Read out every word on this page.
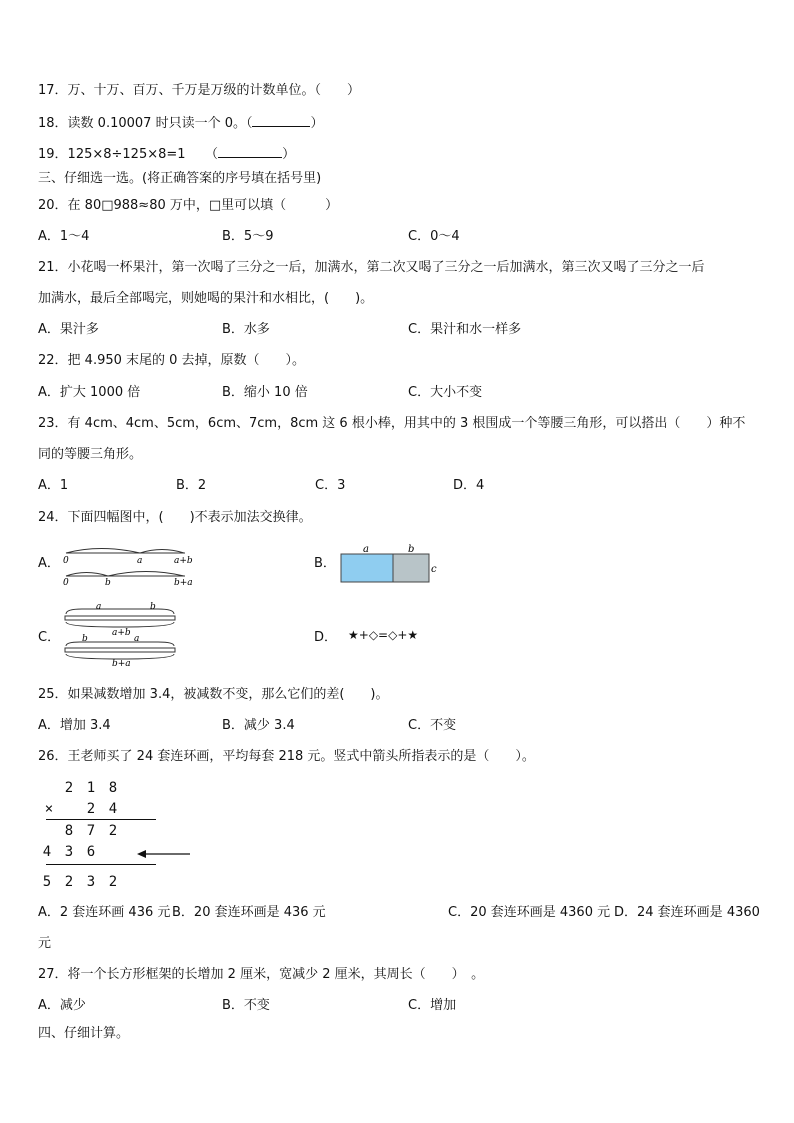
17．万、十万、百万、千万是万级的计数单位。（　　）
18．读数 0.10007 时只读一个 0。（	）
19．125×8÷125×8=1　　（	）
三、仔细选一选。(将正确答案的序号填在括号里)
20．在 80□988≈80 万中，□里可以填（　　　）
A．1～4	B．5～9	C．0～4
21．小花喝一杯果汁，第一次喝了三分之一后，加满水，第二次又喝了三分之一后加满水，第三次又喝了三分之一后
加满水，最后全部喝完，则她喝的果汁和水相比，(　　)。
A．果汁多	B．水多	C．果汁和水一样多
22．把 4.950 末尾的 0 去掉，原数（　　）。
A．扩大 1000 倍	B．缩小 10 倍	C．大小不变
23．有 4cm、4cm、5cm，6cm、7cm，8cm 这 6 根小棒，用其中的 3 根围成一个等腰三角形，可以搭出（　　）种不
同的等腰三角形。
A．1	B．2	C．3	D．4
24．下面四幅图中，(　　)不表示加法交换律。
A． 0	a	a+b
0	b	b+a
B．
a	b
c
C．
a	b
a+b
b	a
b+a
D． ★+◇=◇+★
25．如果减数增加 3.4，被减数不变，那么它们的差(　　)。
A．增加 3.4	B．减少 3.4	C．不变
26．王老师买了 24 套连环画，平均每套 218 元。竖式中箭头所指表示的是（　　）。
2 1 8
× 2 4
8 7 2
4 3 6
5 2 3 2
A．2 套连环画 436 元 B．20 套连环画是 436 元	C．20 套连环画是 4360 元 D．24 套连环画是 4360
元
27．将一个长方形框架的长增加 2 厘米，宽减少 2 厘米，其周长（　　）　。
A．减少	B．不变	C．增加
四、仔细计算。
